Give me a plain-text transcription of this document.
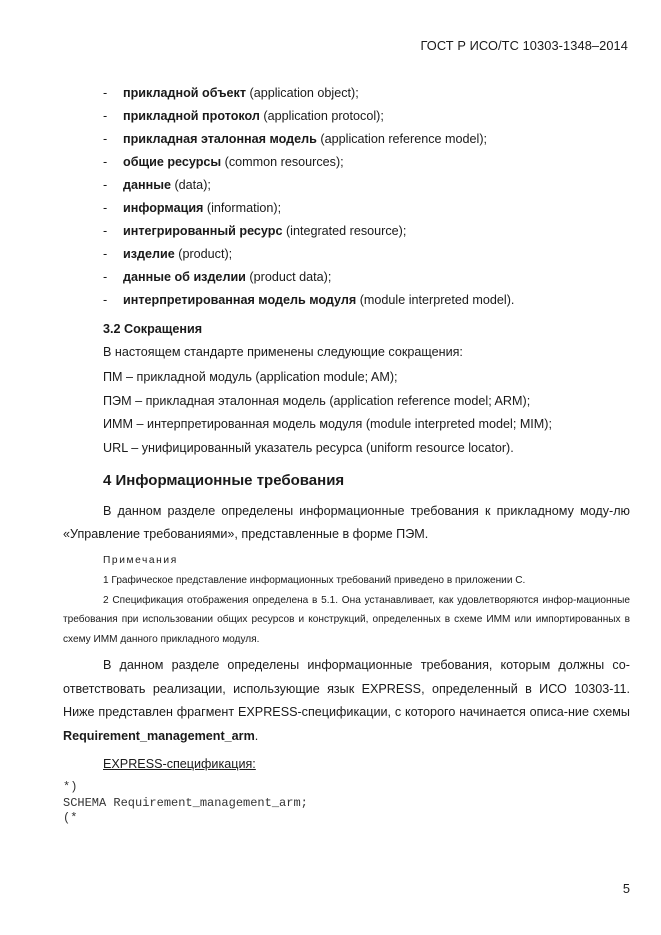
ГОСТ Р ИСО/ТС 10303-1348–2014
- прикладной объект (application object);
- прикладной протокол (application protocol);
- прикладная эталонная модель (application reference model);
- общие ресурсы (common resources);
- данные (data);
- информация (information);
- интегрированный ресурс (integrated resource);
- изделие (product);
- данные об изделии (product data);
- интерпретированная модель модуля (module interpreted model).
3.2 Сокращения
В настоящем стандарте применены следующие сокращения:
ПМ – прикладной модуль (application module; AM);
ПЭМ – прикладная эталонная модель (application reference model; ARM);
ИММ – интерпретированная модель модуля (module interpreted model; MIM);
URL – унифицированный указатель ресурса (uniform resource locator).
4 Информационные требования
В данном разделе определены информационные требования к прикладному моду-лю «Управление требованиями», представленные в форме ПЭМ.
Примечания

1 Графическое представление информационных требований приведено в приложении С.

2 Спецификация отображения определена в 5.1. Она устанавливает, как удовлетворяются инфор-мационные требования при использовании общих ресурсов и конструкций, определенных в схеме ИММ или импортированных в схему ИММ данного прикладного модуля.

В данном разделе определены информационные требования, которым должны со-ответствовать реализации, использующие язык EXPRESS, определенный в ИСО 10303-11. Ниже представлен фрагмент EXPRESS-спецификации, с которого начинается описа-ние схемы Requirement_management_arm.
EXPRESS-спецификация:
*)
SCHEMA Requirement_management_arm;
(*
5
